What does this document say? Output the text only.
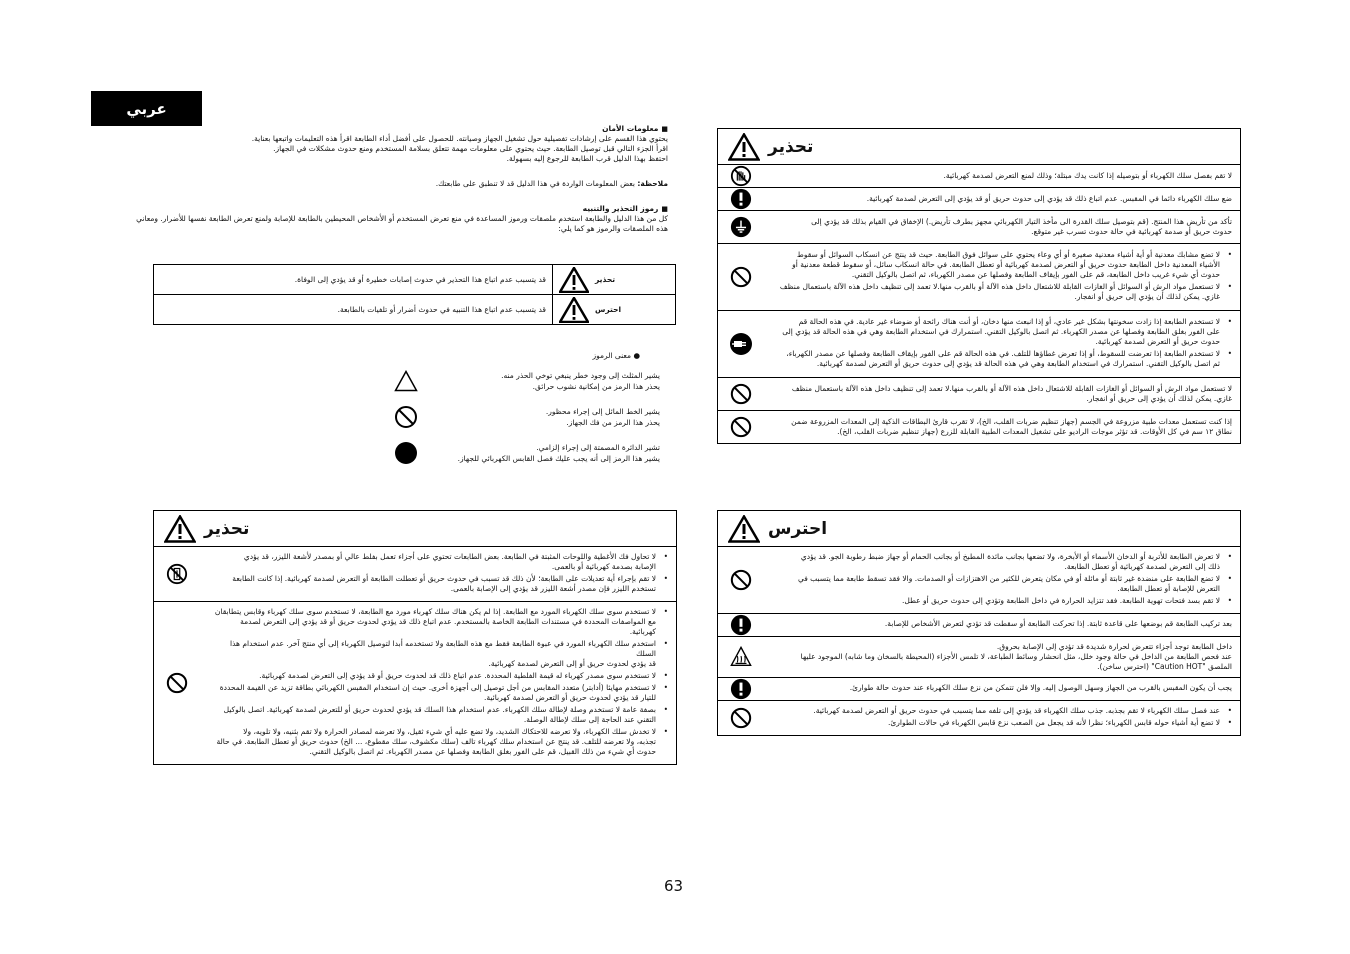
عربي

■ معلومات الأمان

يحتوي هذا القسم على إرشادات تفصيلية حول تشغيل الجهاز وصيانته. للحصول على أفضل أداء الطابعة اقرأ هذه التعليمات واتبعها بعناية.

اقرأ الجزء التالي قبل توصيل الطابعة. حيث يحتوي على معلومات مهمة تتعلق بسلامة المستخدم ومنع حدوث مشكلات في الجهاز.

احتفظ بهذا الدليل قرب الطابعة للرجوع إليه بسهولة.

ملاحظة: بعض المعلومات الواردة في هذا الدليل قد لا تنطبق على طابعتك.

■ رموز التحذير والتنبيه

كل من هذا الدليل والطابعة استخدم ملصقات ورموز المساعدة في منع تعرض المستخدم أو الأشخاص المحيطين بالطابعة للإصابة ولمنع تعرض الطابعة نفسها للأضرار. ومعاني

هذه الملصقات والرموز هو كما يلي:

تحذير	قد يتسبب عدم اتباع هذا التحذير في حدوث إصابات خطيرة أو قد يؤدي إلى الوفاة.

احترس	قد يتسبب عدم اتباع هذا التنبيه في حدوث أضرار أو تلفيات بالطابعة.
● معنى الرموز
يشير المثلث إلى وجود خطر ينبغي توخي الحذر منه.
يحذر هذا الرمز من إمكانية نشوب حرائق.
يشير الخط المائل إلى إجراء محظور.
يحذر هذا الرمز من فك الجهاز.
تشير الدائرة المصمتة إلى إجراء إلزامي.
يشير هذا الرمز إلى أنه يجب عليك فصل القابس الكهربائي للجهاز.
تحذير

لا تقم بفصل سلك الكهرباء أو بتوصيله إذا كانت يدك مبتلة؛ وذلك لمنع التعرض لصدمة كهربائية.

ضع سلك الكهرباء دائما في المقبس. عدم اتباع ذلك قد يؤدي إلى حدوث حريق أو قد يؤدي إلى التعرض لصدمة كهربائية.

تأكد من تأريض هذا المنتج. (قم بتوصيل سلك القدرة الى مأخذ التيار الكهربائي مجهز بطرف تأريض.) الإخفاق في القيام بذلك قد يؤدي إلى

حدوث حريق أو صدمة كهربائية في حالة حدوث تسرب غير متوقع.

• لا تضع مشابك معدنية أو أية أشياء معدنية صغيرة أو أي وعاء يحتوي على سوائل فوق الطابعة. حيث قد ينتج عن انسكاب السوائل أو سقوط

الأشياء المعدنية داخل الطابعة حدوث حريق أو التعرض لصدمة كهربائية أو تعطل الطابعة. في حالة انسكاب سائل، أو سقوط قطعة معدنية أو

حدوث أي شيء غريب داخل الطابعة، قم على الفور بإيقاف الطابعة وفصلها عن مصدر الكهرباء، ثم اتصل بالوكيل التقني.

• لا تستعمل مواد الرش أو السوائل أو الغازات القابلة للاشتعال داخل هذه الآلة أو بالقرب منها.لا تعمد إلى تنظيف داخل هذه الآلة باستعمال منظف

غازي. يمكن لذلك أن يؤدي إلى حريق أو انفجار.

• لا تستخدم الطابعة إذا زادت سخونتها بشكل غير عادي، أو إذا انبعث منها دخان، أو أنت هناك رائحة أو ضوضاء غير عادية. في هذه الحالة قم

على الفور بغلق الطابعة وفصلها عن مصدر الكهرباء. ثم اتصل بالوكيل التقني. استمرارك في استخدام الطابعة وهي في هذه الحالة قد يؤدي إلى

حدوث حريق أو التعرض لصدمة كهربائية.

• لا تستخدم الطابعة إذا تعرضت للسقوط، أو إذا تعرض غطاؤها للتلف. في هذه الحالة قم على الفور بإيقاف الطابعة وفصلها عن مصدر الكهرباء،

ثم اتصل بالوكيل التقني. استمرارك في استخدام الطابعة وهي في هذه الحالة قد يؤدي إلى حدوث حريق أو التعرض لصدمة كهربائية.

لا تستعمل مواد الرش أو السوائل أو الغازات القابلة للاشتعال داخل هذه الآلة أو بالقرب منها.لا تعمد إلى تنظيف داخل هذه الآلة باستعمال منظف

غازي. يمكن لذلك أن يؤدي إلى حريق أو انفجار.

إذا كنت تستعمل معدات طبية مزروعة في الجسم (جهاز تنظيم ضربات القلب، الخ)، لا تقرب قارئ البطاقات الذكية إلى المعدات المزروعة ضمن

نطاق ١٢ سم في كل الأوقات. قد تؤثر موجات الراديو على تشغيل المعدات الطبية القابلة للزرع (جهاز تنظيم ضربات القلب، الخ).

تحذير

• لا تحاول فك الأغطية واللوحات المثبتة في الطابعة. بعض الطابعات تحتوي على أجزاء تعمل بفلط عالي أو بمصدر لأشعة الليزر، قد يؤدي

الإصابة بصدمة كهربائية أو بالعمى.

• لا تقم بإجراء أية تعديلات على الطابعة؛ لأن ذلك قد تسبب في حدوث حريق أو تعطلت الطابعة أو التعرض لصدمة كهربائية. إذا كانت الطابعة

تستخدم الليزر فإن مصدر أشعة الليزر قد يؤدي إلى الإصابة بالعمى.

• لا تستخدم سوى سلك الكهرباء المورد مع الطابعة. إذا لم يكن هناك سلك كهرباء مورد مع الطابعة، لا تستخدم سوى سلك كهرباء وقابس يتطابقان

مع المواصفات المحددة في مستندات الطابعة الخاصة بالمستخدم. عدم اتباع ذلك قد يؤدي لحدوث حريق أو قد يؤدي إلى التعرض لصدمة

كهربائية.

• استخدم سلك الكهرباء المورد في عبوة الطابعة فقط مع هذه الطابعة ولا تستخدمه أبدا لتوصيل الكهرباء إلى أي منتج آخر. عدم استخدام هذا السلك

قد يؤدي لحدوث حريق أو إلى التعرض لصدمة كهربائية.

• لا تستخدم سوى مصدر كهرباء له قيمة الفلطية المحددة. عدم اتباع ذلك قد لحدوث حريق أو قد يؤدي إلى التعرض لصدمة كهربائية.

• لا تستخدم مهايئا (أدابتر) متعدد المقابس من أجل توصيل إلى أجهزة أخرى. حيث إن استخدام المقبس الكهربائي بطاقة تزيد عن القيمة المحددة

للتيار قد يؤدي لحدوث حريق أو التعرض لصدمة كهربائية.

• بصفة عامة لا تستخدم وصلة لإطالة سلك الكهرباء. عدم استخدام هذا السلك قد يؤدي لحدوث حريق أو للتعرض لصدمة كهربائية. اتصل بالوكيل

التقني عند الحاجة إلى سلك لإطالة الوصلة.

• لا تخدش سلك الكهرباء، ولا تعرضه للاحتكاك الشديد، ولا تضع عليه أي شيء ثقيل، ولا تعرضه لمصادر الحرارة ولا تقم بثنيه، ولا تلويه، ولا

تجذبه، ولا تعرضه للتلف. قد ينتج عن استخدام سلك كهرباء تالف (سلك مكشوف، سلك مقطوع، ... الخ) حدوث حريق أو تعطل الطابعة. في حالة

حدوث أي شيء من ذلك القبيل، قم على الفور بغلق الطابعة وفصلها عن مصدر الكهرباء. ثم اتصل بالوكيل التقني.

احترس

• لا تعرض الطابعة للأتربة أو الدخان الأسماء أو الأبخرة، ولا تضعها بجانب مائدة المطبخ أو بجانب الحمام أو جهاز ضبط رطوبة الجو. قد يؤدي

ذلك إلى التعرض لصدمة كهربائية أو تعطل الطابعة.

• لا تضع الطابعة على منضدة غير ثابتة أو مائلة أو في مكان يتعرض للكثير من الاهتزازات أو الصدمات. والا فقد تسقط طابعة مما يتسبب في

التعرض للإصابة أو تعطل الطابعة.

• لا تقم بسد فتحات تهوية الطابعة. فقد تتزايد الحرارة في داخل الطابعة وتؤدي إلى حدوث حريق أو عطل.

بعد تركيب الطابعة قم بوضعها على قاعدة ثابتة. إذا تحركت الطابعة أو سقطت قد تؤدي لتعرض الأشخاص للإصابة.

داخل الطابعة توجد أجزاء تتعرض لحرارة شديدة قد تؤدي إلى الإصابة بحروق.

عند فحص الطابعة من الداخل في حالة وجود خلل، مثل انحشار وسائط الطباعة، لا تلمس الأجزاء (المحيطة بالسخان وما شابه) الموجود عليها

الملصق "Caution HOT" (احترس ساخن).

يجب أن يكون المقبس بالقرب من الجهاز وسهل الوصول إليه. وإلا فلن تتمكن من نزع سلك الكهرباء عند حدوث حالة طوارئ.

• عند فصل سلك الكهرباء لا تقم بجذبه. جذب سلك الكهرباء قد يؤدي إلى تلفه مما يتسبب في حدوث حريق أو التعرض لصدمة كهربائية.

• لا تضع أية أشياء حوله قابس الكهرباء؛ نظرا لأنه قد يجعل من الصعب نزع قابس الكهرباء في حالات الطوارئ.

63
